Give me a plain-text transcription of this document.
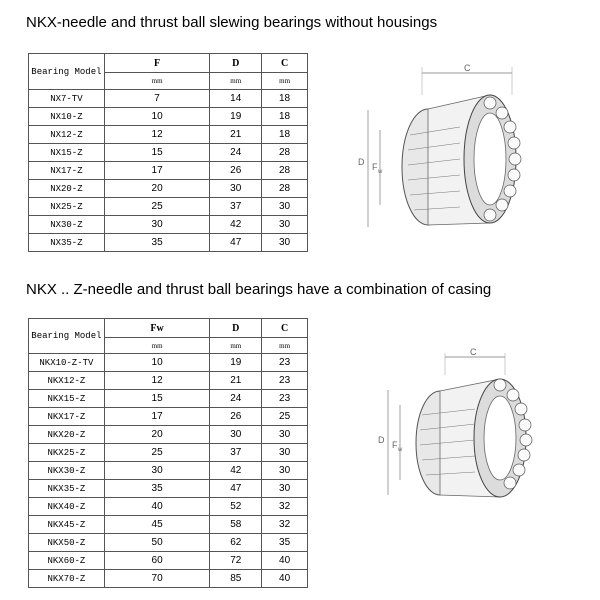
NKX-needle and thrust ball slewing bearings without housings
Bearing Model	F	D	C
	mm	mm	mm
NX7-TV	7	14	18
NX10-Z	10	19	18
NX12-Z	12	21	18
NX15-Z	15	24	28
NX17-Z	17	26	28
NX20-Z	20	30	28
NX25-Z	25	37	30
NX30-Z	30	42	30
NX35-Z	35	47	30
C
D F w
NKX .. Z-needle and thrust ball bearings have a combination of casing
Bearing Model	Fw	D	C
	mm	mm	mm
NKX10-Z-TV	10	19	23
NKX12-Z	12	21	23
NKX15-Z	15	24	23
NKX17-Z	17	26	25
NKX20-Z	20	30	30
NKX25-Z	25	37	30
NKX30-Z	30	42	30
NKX35-Z	35	47	30
NKX40-Z	40	52	32
NKX45-Z	45	58	32
NKX50-Z	50	62	35
NKX60-Z	60	72	40
NKX70-Z	70	85	40
C
D F w
